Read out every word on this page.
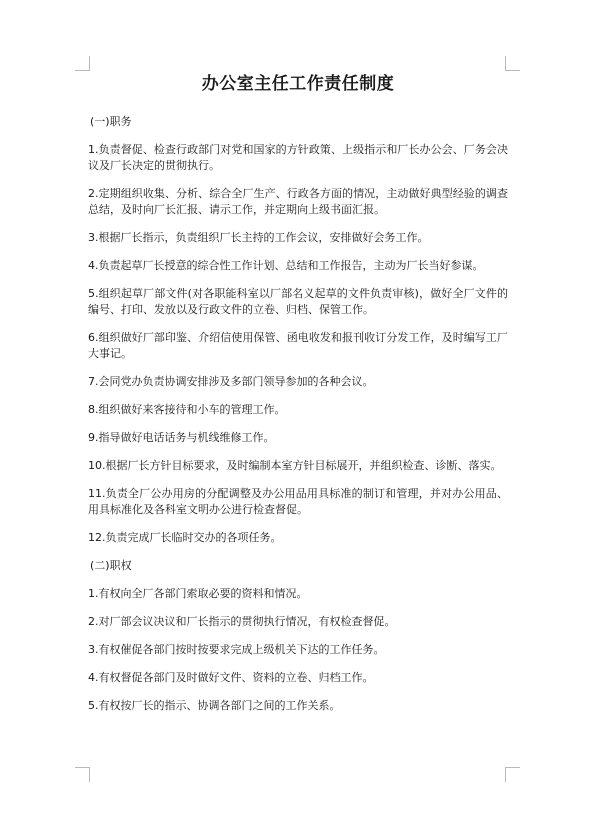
办公室主任工作责任制度
(一)职务
1.负责督促、检查行政部门对党和国家的方针政策、上级指示和厂长办公会、厂务会决议及厂长决定的贯彻执行。
2.定期组织收集、分析、综合全厂生产、行政各方面的情况，主动做好典型经验的调查总结，及时向厂长汇报、请示工作，并定期向上级书面汇报。
3.根据厂长指示，负责组织厂长主持的工作会议，安排做好会务工作。
4.负责起草厂长授意的综合性工作计划、总结和工作报告，主动为厂长当好参谋。
5.组织起草厂部文件(对各职能科室以厂部名义起草的文件负责审核)，做好全厂文件的编号、打印、发放以及行政文件的立卷、归档、保管工作。
6.组织做好厂部印鉴、介绍信使用保管、函电收发和报刊收订分发工作，及时编写工厂大事记。
7.会同党办负责协调安排涉及多部门领导参加的各种会议。
8.组织做好来客接待和小车的管理工作。
9.指导做好电话话务与机线维修工作。
10.根据厂长方针目标要求，及时编制本室方针目标展开，并组织检查、诊断、落实。
11.负责全厂公办用房的分配调整及办公用品用具标准的制订和管理，并对办公用品、用具标准化及各科室文明办公进行检查督促。
12.负责完成厂长临时交办的各项任务。
(二)职权
1.有权向全厂各部门索取必要的资料和情况。
2.对厂部会议决议和厂长指示的贯彻执行情况，有权检查督促。
3.有权催促各部门按时按要求完成上级机关下达的工作任务。
4.有权督促各部门及时做好文件、资料的立卷、归档工作。
5.有权按厂长的指示、协调各部门之间的工作关系。
